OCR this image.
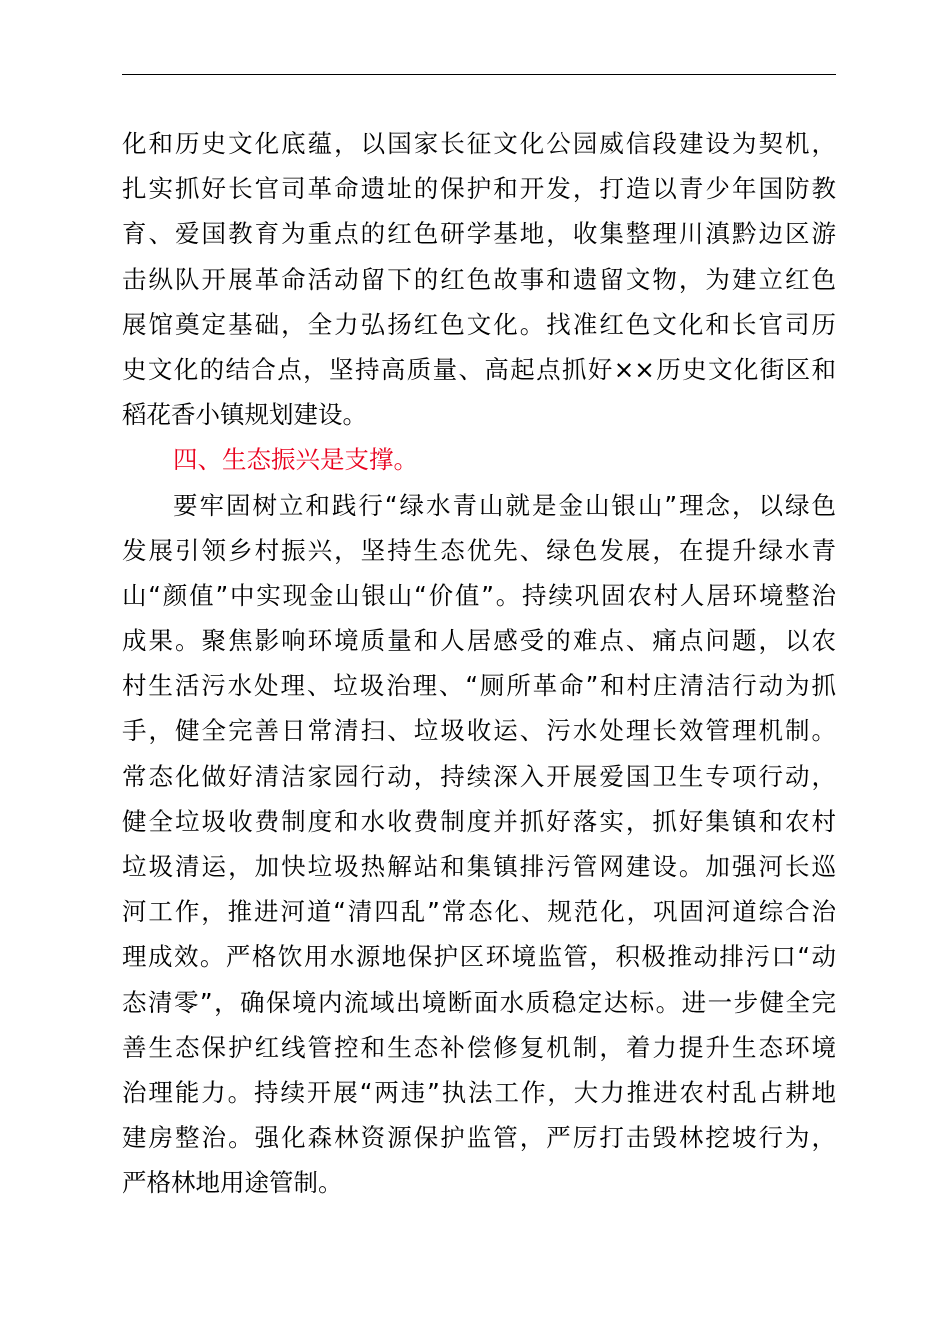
化和历史文化底蕴，以国家长征文化公园威信段建设为契机，
扎实抓好长官司革命遗址的保护和开发，打造以青少年国防教
育、爱国教育为重点的红色研学基地，收集整理川滇黔边区游
击纵队开展革命活动留下的红色故事和遗留文物，为建立红色
展馆奠定基础，全力弘扬红色文化。找准红色文化和长官司历
史文化的结合点，坚持高质量、高起点抓好××历史文化街区和
稻花香小镇规划建设。

四、生态振兴是支撑。

要牢固树立和践行“绿水青山就是金山银山”理念，以绿色
发展引领乡村振兴，坚持生态优先、绿色发展，在提升绿水青
山“颜值”中实现金山银山“价值”。持续巩固农村人居环境整治
成果。聚焦影响环境质量和人居感受的难点、痛点问题，以农
村生活污水处理、垃圾治理、“厕所革命”和村庄清洁行动为抓
手，健全完善日常清扫、垃圾收运、污水处理长效管理机制。
常态化做好清洁家园行动，持续深入开展爱国卫生专项行动，
健全垃圾收费制度和水收费制度并抓好落实，抓好集镇和农村
垃圾清运，加快垃圾热解站和集镇排污管网建设。加强河长巡
河工作，推进河道“清四乱”常态化、规范化，巩固河道综合治
理成效。严格饮用水源地保护区环境监管，积极推动排污口“动
态清零”，确保境内流域出境断面水质稳定达标。进一步健全完
善生态保护红线管控和生态补偿修复机制，着力提升生态环境
治理能力。持续开展“两违”执法工作，大力推进农村乱占耕地
建房整治。强化森林资源保护监管，严厉打击毁林挖坡行为，
严格林地用途管制。
